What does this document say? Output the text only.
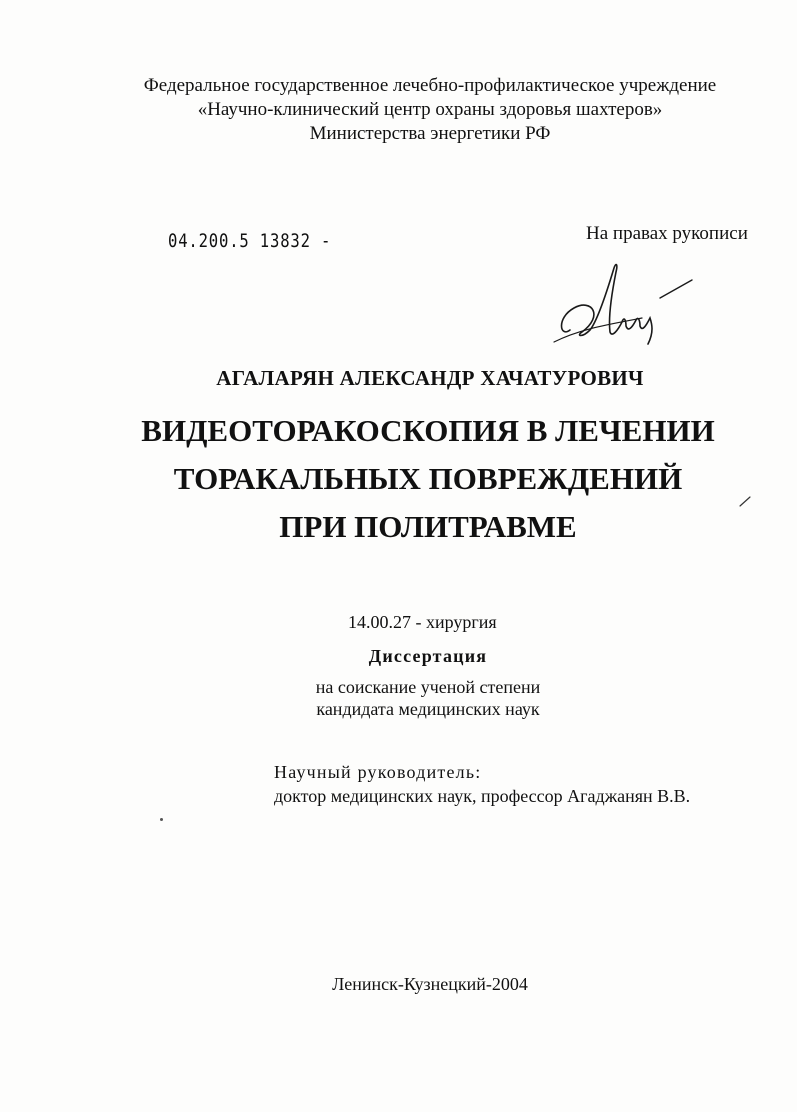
Федеральное государственное лечебно-профилактическое учреждение
«Научно-клинический центр охраны здоровья шахтеров»
Министерства энергетики РФ
04.200.5 13832 -	На правах рукописи
АГАЛАРЯН АЛЕКСАНДР ХАЧАТУРОВИЧ
ВИДЕОТОРАКОСКОПИЯ В ЛЕЧЕНИИ
ТОРАКАЛЬНЫХ ПОВРЕЖДЕНИЙ
ПРИ ПОЛИТРАВМЕ
14.00.27 - хирургия
Диссертация
на соискание ученой степени
кандидата медицинских наук
Научный руководитель:
доктор медицинских наук, профессор Агаджанян В.В.
Ленинск-Кузнецкий-2004
